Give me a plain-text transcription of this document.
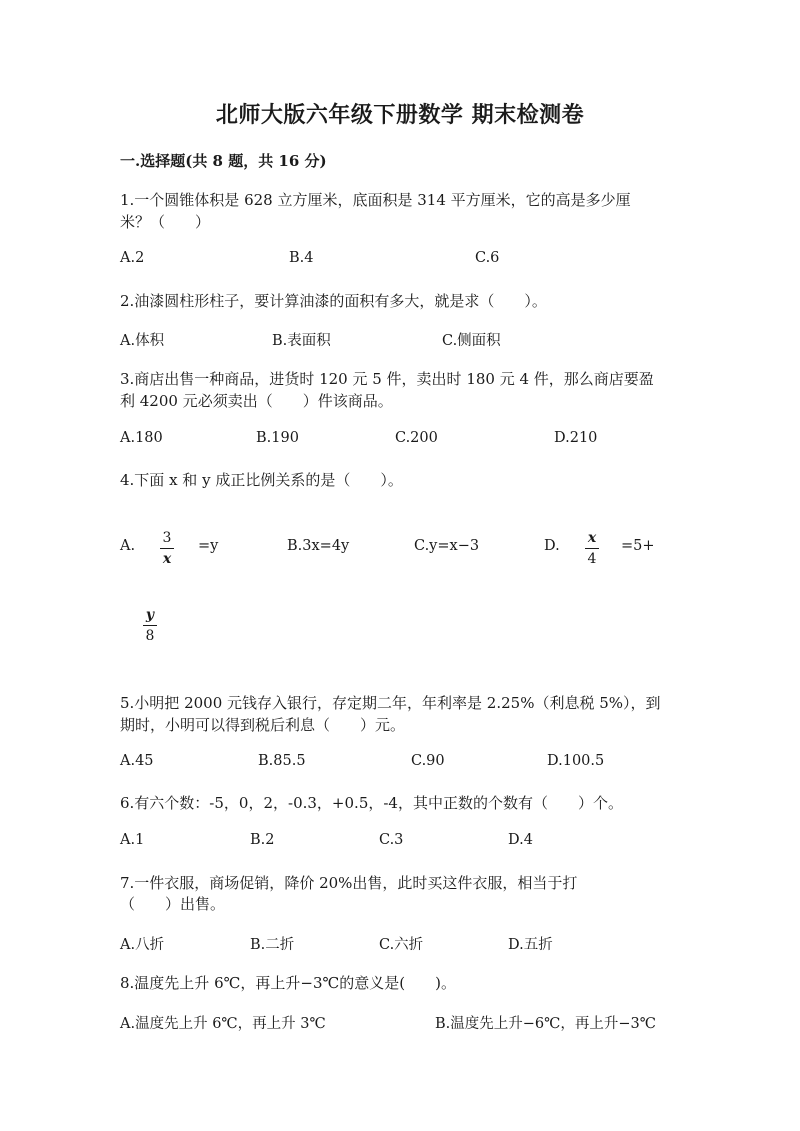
北师大版六年级下册数学 期末检测卷
一.选择题(共 8 题，共 16 分)
1.一个圆锥体积是 628 立方厘米，底面积是 314 平方厘米，它的高是多少厘
米？（　　）
A.2	B.4	C.6
2.油漆圆柱形柱子，要计算油漆的面积有多大，就是求（　　）。
A.体积	B.表面积	C.侧面积
3.商店出售一种商品，进货时 120 元 5 件，卖出时 180 元 4 件，那么商店要盈
利 4200 元必须卖出（　　）件该商品。
A.180	B.190	C.200	D.210
4.下面 x 和 y 成正比例关系的是（　　）。
A. 3
x
=y	B.3x=4y	C.y=x−3	D. x
4
=5+
y
8
5.小明把 2000 元钱存入银行，存定期二年，年利率是 2.25%（利息税 5%），到
期时，小明可以得到税后利息（　　）元。
A.45	B.85.5	C.90	D.100.5
6.有六个数：-5，0，2，-0.3，+0.5，-4，其中正数的个数有（　　）个。
A.1	B.2	C.3	D.4
7.一件衣服，商场促销，降价 20%出售，此时买这件衣服，相当于打
（　　）出售。
A.八折	B.二折	C.六折	D.五折
8.温度先上升 6℃，再上升−3℃的意义是(　　)。
A.温度先上升 6℃，再上升 3℃	B.温度先上升−6℃，再上升−3℃
